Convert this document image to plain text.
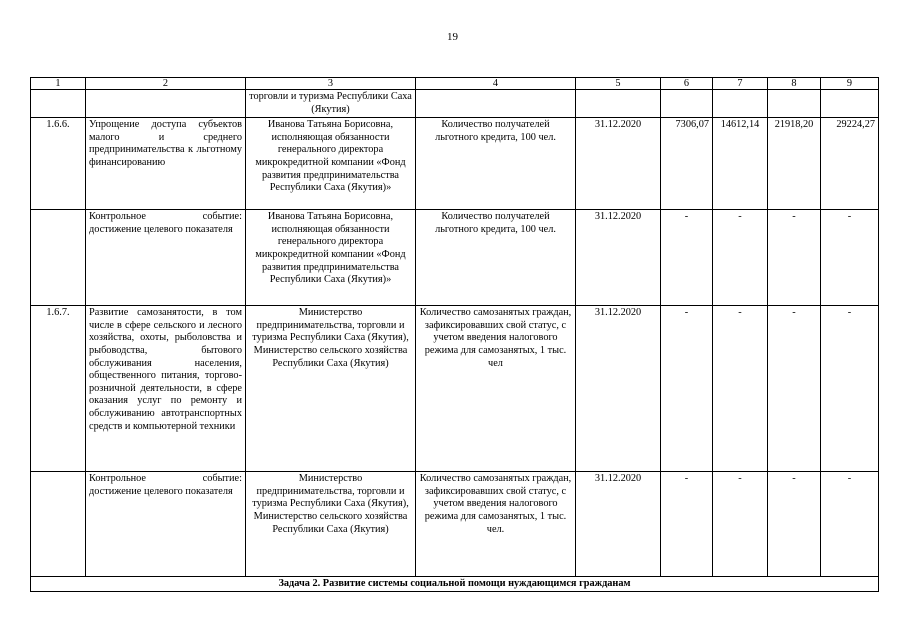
19
1	2	3	4	5	6	7	8	9
		торговли и туризма Республики Саха (Якутия)						
1.6.6.	Упрощение доступа субъектов малого и среднего предпринимательства к льготному финансированию	Иванова Татьяна Борисовна, исполняющая обязанности генерального директора микрокредитной компании «Фонд развития предпринимательства Республики Саха (Якутия)»	Количество получателей льготного кредита, 100 чел.	31.12.2020	7306,07	14612,14	21918,20	29224,27
	Контрольное событие: достижение целевого показателя	Иванова Татьяна Борисовна, исполняющая обязанности генерального директора микрокредитной компании «Фонд развития предпринимательства Республики Саха (Якутия)»	Количество получателей льготного кредита, 100 чел.	31.12.2020	-	-	-	-
1.6.7.	Развитие самозанятости, в том числе в сфере сельского и лесного хозяйства, охоты, рыболовства и рыбоводства, бытового обслуживания населения, общественного питания, торгово-розничной деятельности, в сфере оказания услуг по ремонту и обслуживанию автотранспортных средств и компьютерной техники	Министерство предпринимательства, торговли и туризма Республики Саха (Якутия), Министерство сельского хозяйства Республики Саха (Якутия)	Количество самозанятых граждан, зафиксировавших свой статус, с учетом введения налогового режима для самозанятых, 1 тыс. чел	31.12.2020	-	-	-	-
	Контрольное событие: достижение целевого показателя	Министерство предпринимательства, торговли и туризма Республики Саха (Якутия), Министерство сельского хозяйства Республики Саха (Якутия)	Количество самозанятых граждан, зафиксировавших свой статус, с учетом введения налогового режима для самозанятых, 1 тыс. чел.	31.12.2020	-	-	-	-
Задача 2. Развитие системы социальной помощи нуждающимся гражданам								
